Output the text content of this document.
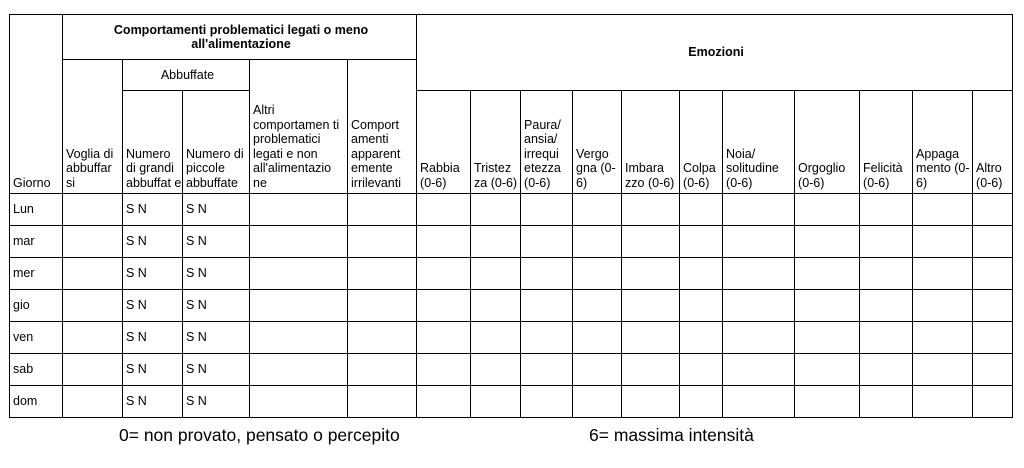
Giorno	Comportamenti problematici legati o meno all'alimentazione					Emozioni										
	Voglia di abbuffar si	Abbuffate		Altri comportamen ti problematici legati e non all'alimentazio ne	Comport amenti apparent emente irrilevanti											
		Numero di grandi abbuffat e	Numero di piccole abbuffate			Rabbia (0-6)	Tristez za (0-6)	Paura/ ansia/ irrequi etezza (0-6)	Vergo gna (0-6)	Imbara zzo (0-6)	Colpa (0-6)	Noia/ solitudine (0-6)	Orgoglio (0-6)	Felicità (0-6)	Appaga mento (0-6)	Altro (0-6)
Lun		S N	S N													
mar		S N	S N													
mer		S N	S N													
gio		S N	S N													
ven		S N	S N													
sab		S N	S N													
dom		S N	S N													
0= non provato, pensato o percepito	6= massima intensità
